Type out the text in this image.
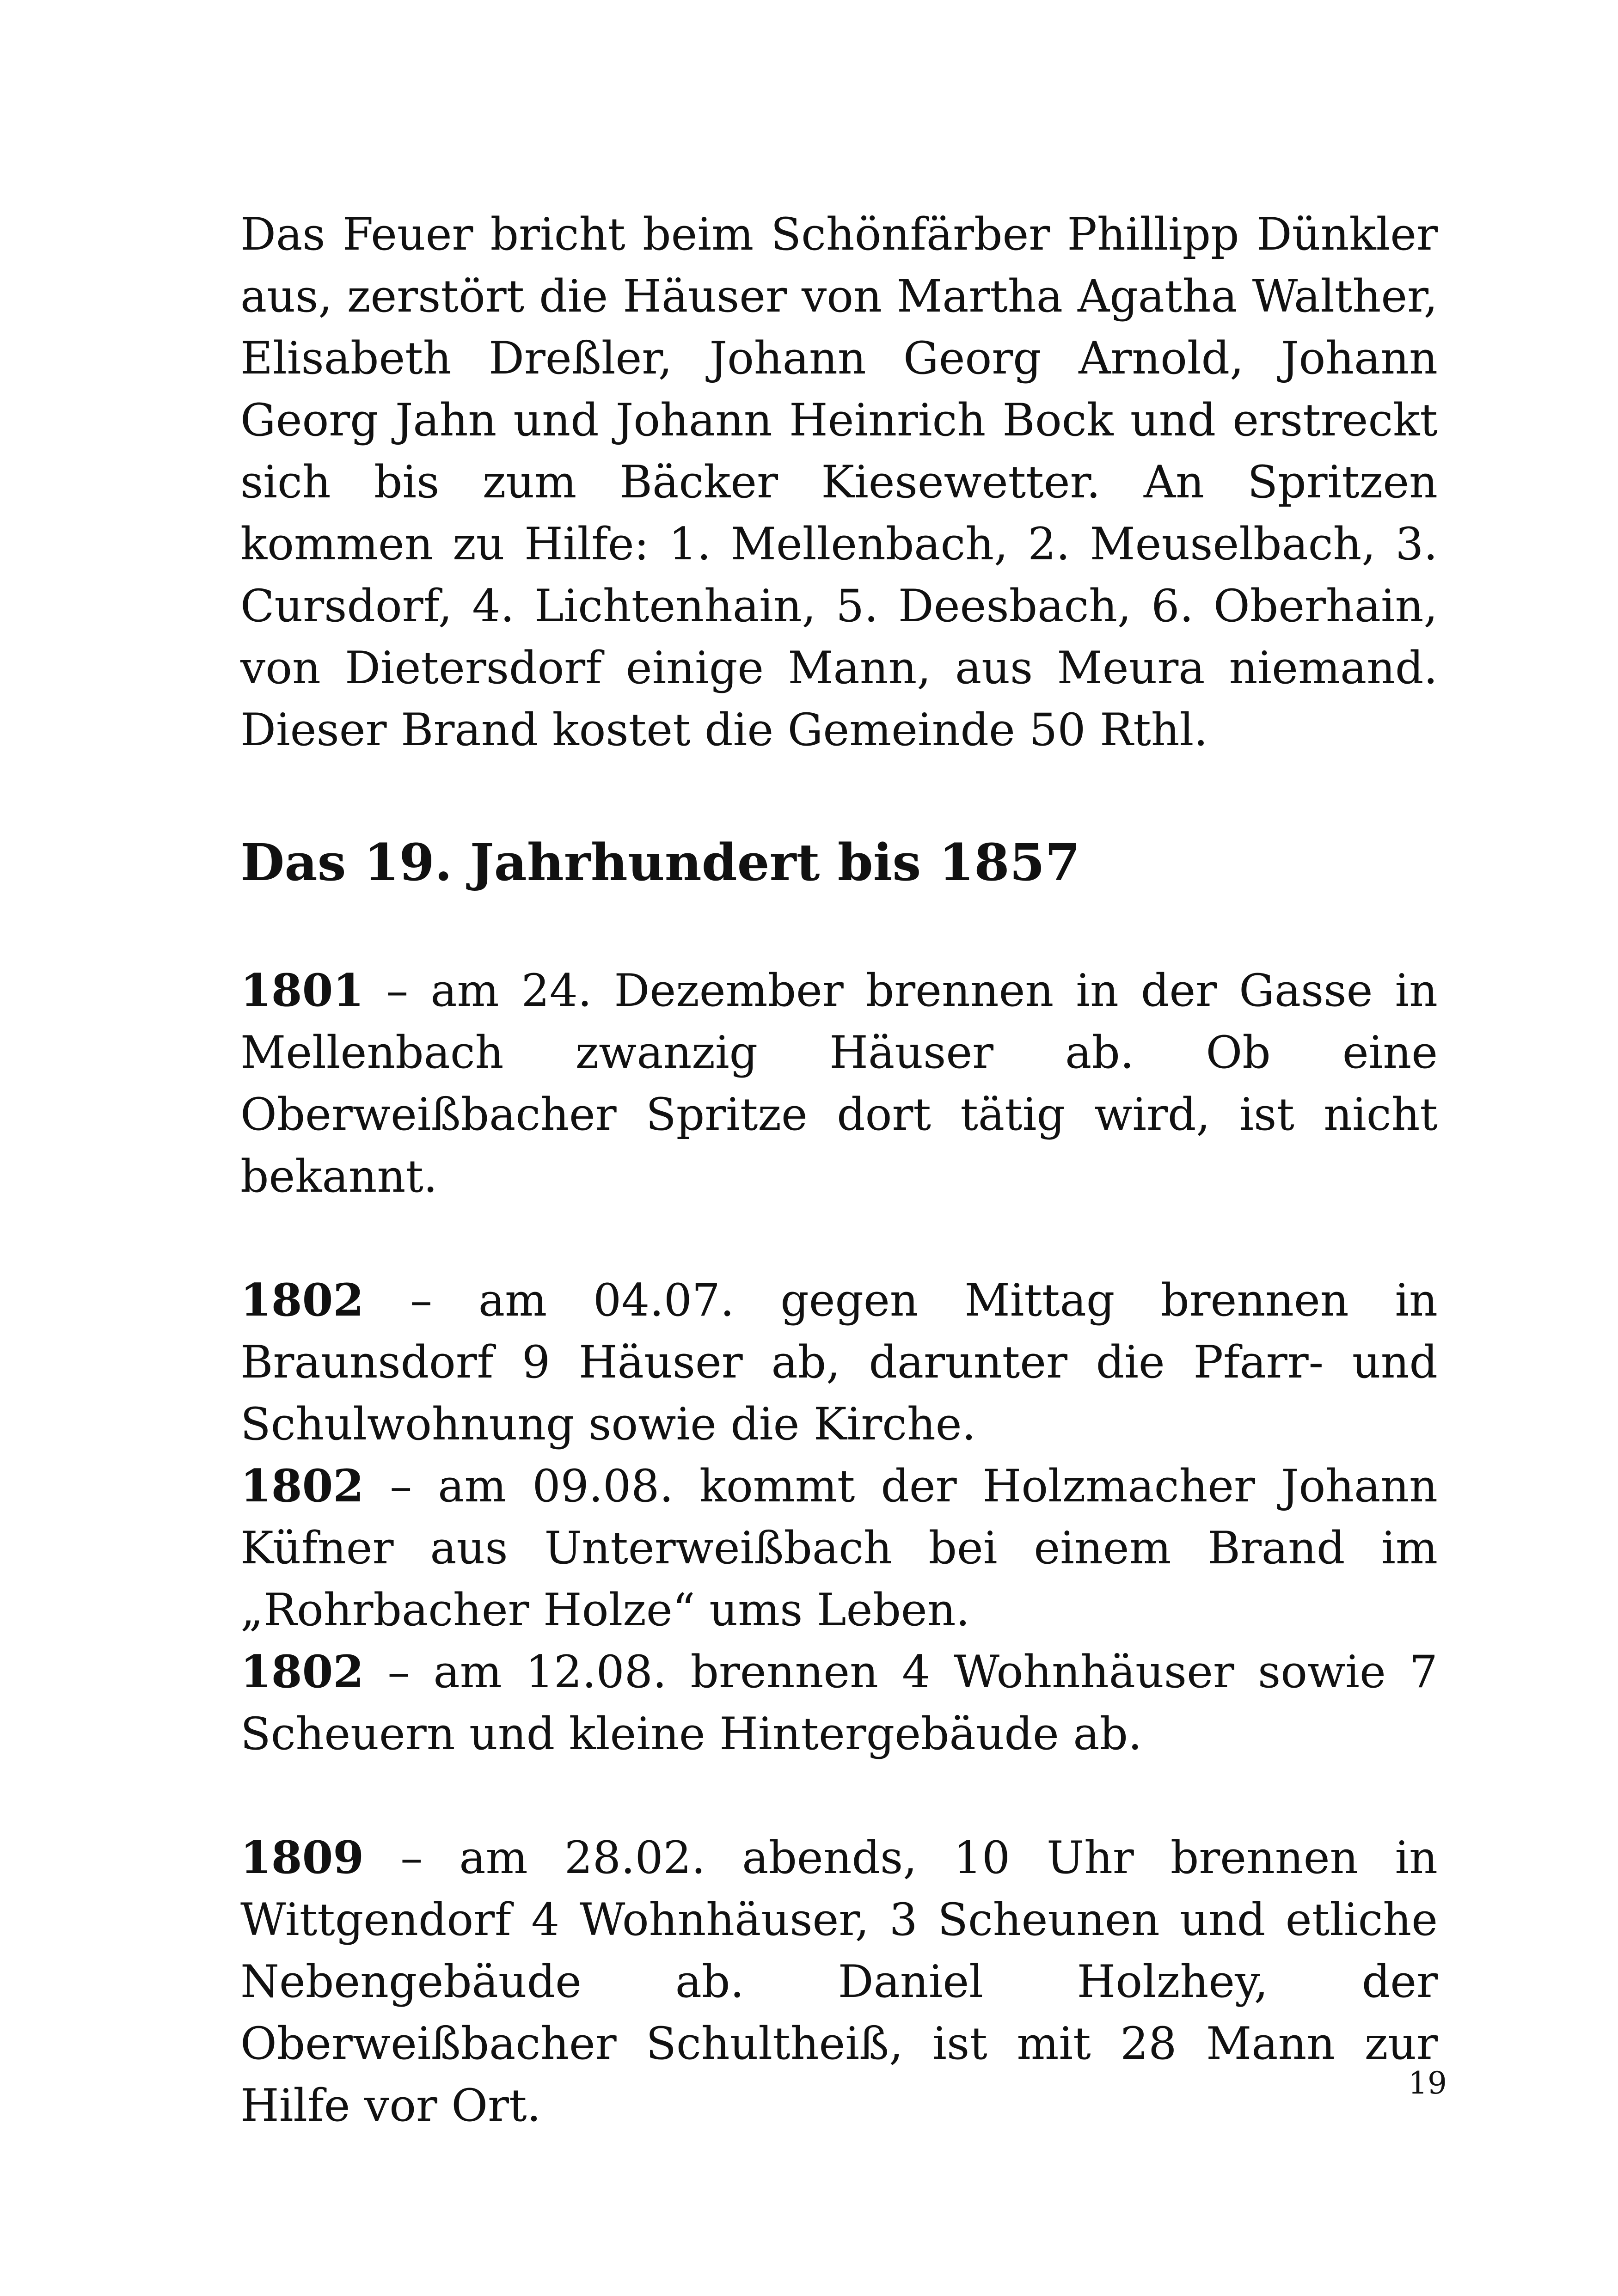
Das Feuer bricht beim Schönfärber Phillipp Dünkler aus, zerstört die Häuser von Martha Agatha Walther, Elisabeth Dreßler, Johann Georg Arnold, Johann Georg Jahn und Johann Heinrich Bock und erstreckt sich bis zum Bäcker Kiesewetter. An Spritzen kommen zu Hilfe: 1. Mellenbach, 2. Meuselbach, 3. Cursdorf, 4. Lichtenhain, 5. Deesbach, 6. Oberhain, von Dietersdorf einige Mann, aus Meura niemand. Dieser Brand kostet die Gemeinde 50 Rthl.

Das 19. Jahrhundert bis 1857

1801 – am 24. Dezember brennen in der Gasse in Mellenbach zwanzig Häuser ab. Ob eine Oberweißbacher Spritze dort tätig wird, ist nicht bekannt.

1802 – am 04.07. gegen Mittag brennen in Braunsdorf 9 Häuser ab, darunter die Pfarr- und Schulwohnung sowie die Kirche.

1802 – am 09.08. kommt der Holzmacher Johann Küfner aus Unterweißbach bei einem Brand im „Rohrbacher Holze“ ums Leben.

1802 – am 12.08. brennen 4 Wohnhäuser sowie 7 Scheuern und kleine Hintergebäude ab.

1809 – am 28.02. abends, 10 Uhr brennen in Wittgendorf 4 Wohnhäuser, 3 Scheunen und etliche Nebengebäude ab. Daniel Holzhey, der Oberweißbacher Schultheiß, ist mit 28 Mann zur Hilfe vor Ort.	19
